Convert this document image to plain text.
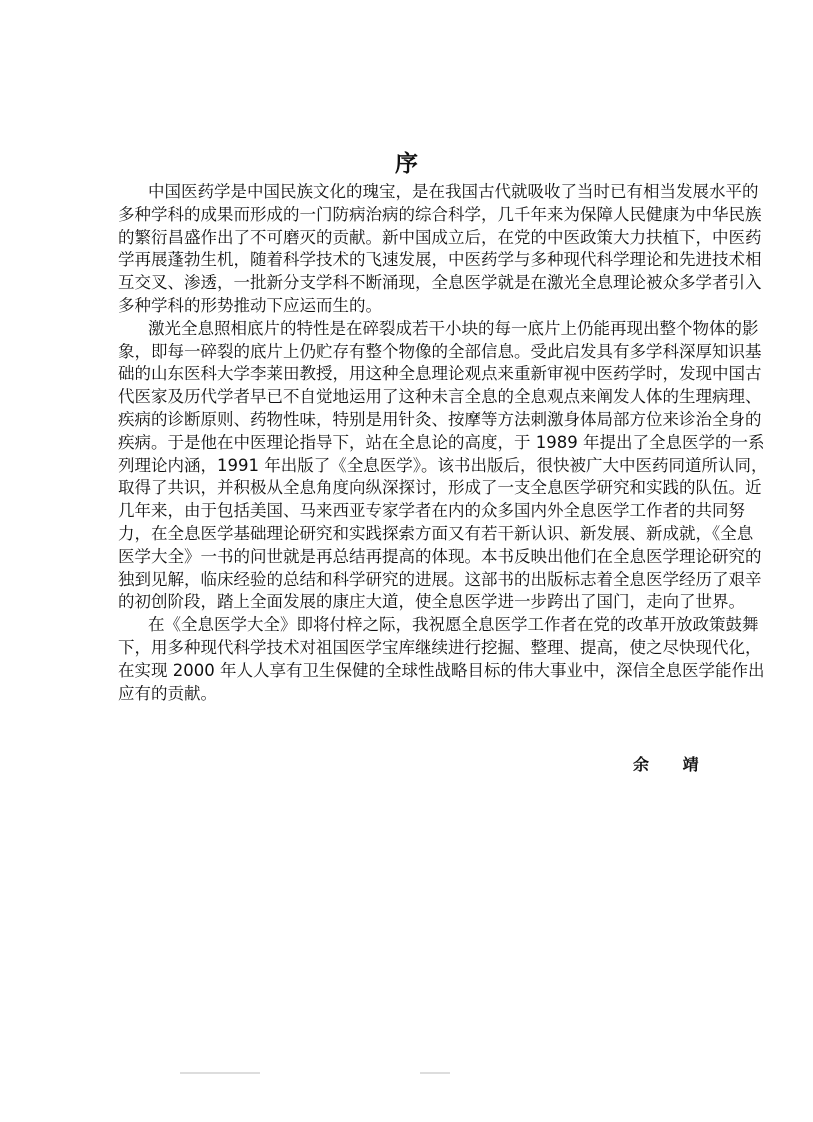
序
中国医药学是中国民族文化的瑰宝，是在我国古代就吸收了当时已有相当发展水平的
多种学科的成果而形成的一门防病治病的综合科学，几千年来为保障人民健康为中华民族
的繁衍昌盛作出了不可磨灭的贡献。新中国成立后，在党的中医政策大力扶植下，中医药
学再展蓬勃生机，随着科学技术的飞速发展，中医药学与多种现代科学理论和先进技术相
互交叉、渗透，一批新分支学科不断涌现，全息医学就是在激光全息理论被众多学者引入
多种学科的形势推动下应运而生的。
激光全息照相底片的特性是在碎裂成若干小块的每一底片上仍能再现出整个物体的影
象，即每一碎裂的底片上仍贮存有整个物像的全部信息。受此启发具有多学科深厚知识基
础的山东医科大学李莱田教授，用这种全息理论观点来重新审视中医药学时，发现中国古
代医家及历代学者早已不自觉地运用了这种未言全息的全息观点来阐发人体的生理病理、
疾病的诊断原则、药物性味，特别是用针灸、按摩等方法刺激身体局部方位来诊治全身的
疾病。于是他在中医理论指导下，站在全息论的高度，于 1989 年提出了全息医学的一系
列理论内涵，1991 年出版了《全息医学》。该书出版后，很快被广大中医药同道所认同，
取得了共识，并积极从全息角度向纵深探讨，形成了一支全息医学研究和实践的队伍。近
几年来，由于包括美国、马来西亚专家学者在内的众多国内外全息医学工作者的共同努
力，在全息医学基础理论研究和实践探索方面又有若干新认识、新发展、新成就，《全息
医学大全》一书的问世就是再总结再提高的体现。本书反映出他们在全息医学理论研究的
独到见解，临床经验的总结和科学研究的进展。这部书的出版标志着全息医学经历了艰辛
的初创阶段，踏上全面发展的康庄大道，使全息医学进一步跨出了国门，走向了世界。
在《全息医学大全》即将付梓之际，我祝愿全息医学工作者在党的改革开放政策鼓舞
下，用多种现代科学技术对祖国医学宝库继续进行挖掘、整理、提高，使之尽快现代化，
在实现 2000 年人人享有卫生保健的全球性战略目标的伟大事业中，深信全息医学能作出
应有的贡献。
余 靖
